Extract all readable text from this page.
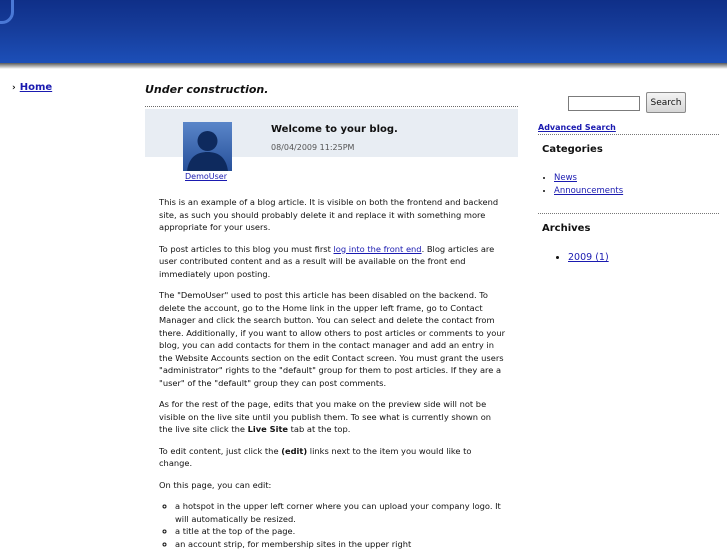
› Home	Under construction.
DemoUser
Welcome to your blog.
08/04/2009 11:25PM

This is an example of a blog article. It is visible on both the frontend and backend site, as such you should probably delete it and replace it with something more appropriate for your users.

To post articles to this blog you must first log into the front end. Blog articles are user contributed content and as a result will be available on the front end immediately upon posting.

The "DemoUser" used to post this article has been disabled on the backend. To delete the account, go to the Home link in the upper left frame, go to Contact Manager and click the search button. You can select and delete the contact from there. Additionally, if you want to allow others to post articles or comments to your blog, you can add contacts for them in the contact manager and add an entry in the Website Accounts section on the edit Contact screen. You must grant the users "administrator" rights to the "default" group for them to post articles. If they are a "user" of the "default" group they can post comments.

As for the rest of the page, edits that you make on the preview side will not be visible on the live site until you publish them. To see what is currently shown on the live site click the Live Site tab at the top.

To edit content, just click the (edit) links next to the item you would like to change.

On this page, you can edit:

◦ a hotspot in the upper left corner where you can upload your company logo. It will automatically be resized.
◦ a title at the top of the page.
◦ an account strip, for membership sites in the upper right
Search
Advanced Search
Categories
• News
• Announcements
Archives
• 2009 (1)
